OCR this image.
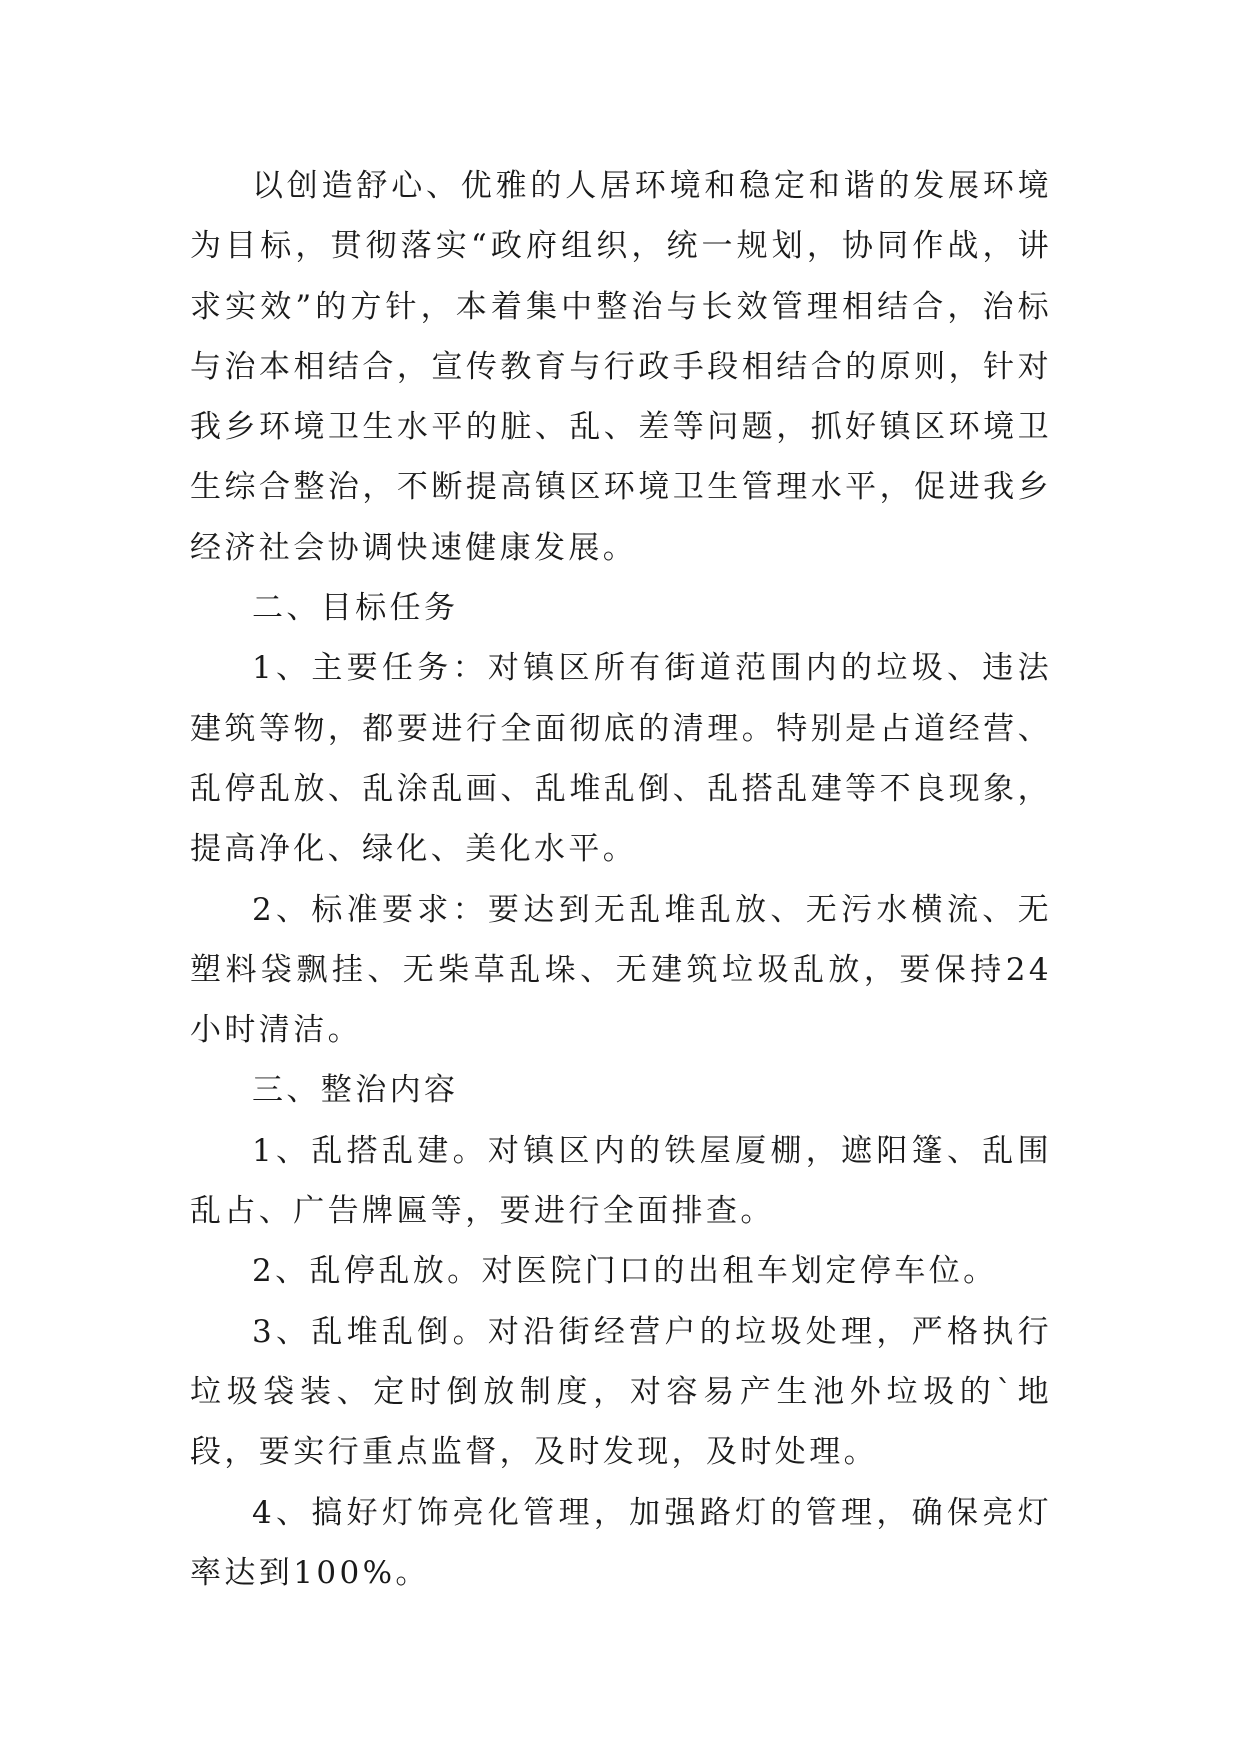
以创造舒心、优雅的人居环境和稳定和谐的发展环境为目标，贯彻落实“政府组织，统一规划，协同作战，讲求实效”的方针，本着集中整治与长效管理相结合，治标与治本相结合，宣传教育与行政手段相结合的原则，针对我乡环境卫生水平的脏、乱、差等问题，抓好镇区环境卫生综合整治，不断提高镇区环境卫生管理水平，促进我乡经济社会协调快速健康发展。

二、目标任务

1、主要任务：对镇区所有街道范围内的垃圾、违法建筑等物，都要进行全面彻底的清理。特别是占道经营、乱停乱放、乱涂乱画、乱堆乱倒、乱搭乱建等不良现象，提高净化、绿化、美化水平。

2、标准要求：要达到无乱堆乱放、无污水横流、无塑料袋飘挂、无柴草乱垛、无建筑垃圾乱放，要保持24小时清洁。

三、整治内容

1、乱搭乱建。对镇区内的铁屋厦棚，遮阳篷、乱围乱占、广告牌匾等，要进行全面排查。

2、乱停乱放。对医院门口的出租车划定停车位。

3、乱堆乱倒。对沿街经营户的垃圾处理，严格执行垃圾袋装、定时倒放制度，对容易产生池外垃圾的`地段，要实行重点监督，及时发现，及时处理。

4、搞好灯饰亮化管理，加强路灯的管理，确保亮灯率达到100%。
